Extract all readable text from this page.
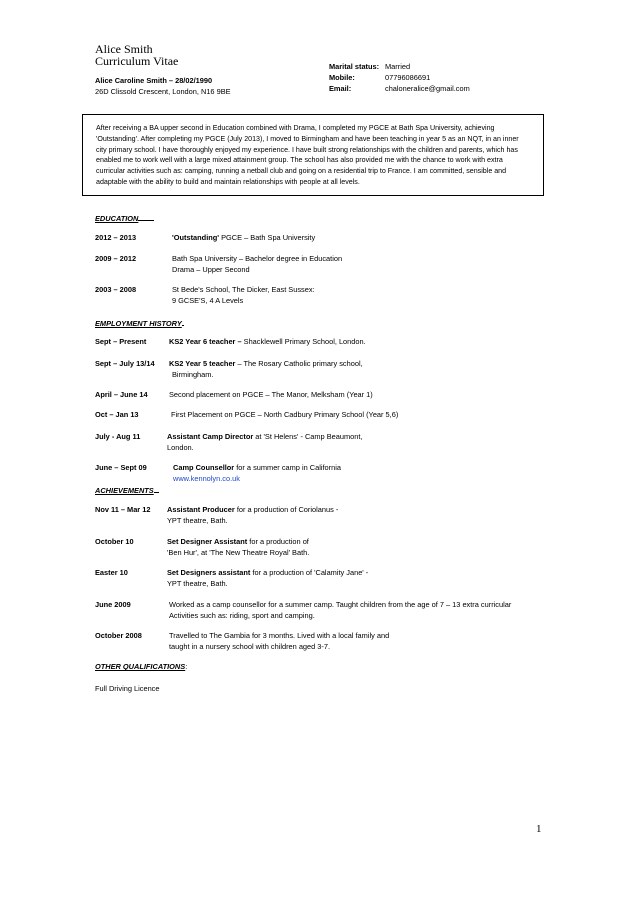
Alice Smith
Curriculum Vitae
Alice Caroline Smith – 28/02/1990
26D Clissold Crescent, London, N16 9BE
Marital status: Married
Mobile:	07796086691
Email:	chaloneralice@gmail.com
After receiving a BA upper second in Education combined with Drama, I completed my PGCE at Bath Spa University, achieving 'Outstanding'. After completing my PGCE (July 2013), I moved to Birmingham and have been teaching in year 5 as an NQT, in an inner city primary school. I have thoroughly enjoyed my experience. I have built strong relationships with the children and parents, which has enabled me to work well with a large mixed attainment group. The school has also provided me with the chance to work with extra curricular activities such as: camping, running a netball club and going on a residential trip to France. I am committed, sensible and adaptable with the ability to build and maintain relationships with people at all levels.
EDUCATION
2012 – 2013	'Outstanding' PGCE – Bath Spa University
2009 – 2012	Bath Spa University – Bachelor degree in Education
Drama – Upper Second
2003 – 2008	St Bede's School, The Dicker, East Sussex:
9 GCSE'S, 4 A Levels
EMPLOYMENT HISTORY
Sept – Present	KS2 Year 6 teacher – Shacklewell Primary School, London.
Sept – July 13/14 KS2 Year 5 teacher – The Rosary Catholic primary school,
Birmingham.
April – June 14	Second placement on PGCE – The Manor, Melksham (Year 1)
Oct – Jan 13	First Placement on PGCE – North Cadbury Primary School (Year 5,6)
July - Aug 11	Assistant Camp Director at 'St Helens' - Camp Beaumont,
London.
June – Sept 09	Camp Counsellor for a summer camp in California
www.kennolyn.co.uk
ACHIEVEMENTS
Nov 11 – Mar 12 Assistant Producer for a production of Coriolanus -
YPT theatre, Bath.
October 10	Set Designer Assistant for a production of
'Ben Hur', at 'The New Theatre Royal' Bath.
Easter 10	Set Designers assistant for a production of 'Calamity Jane' -
YPT theatre, Bath.
June 2009	Worked as a camp counsellor for a summer camp. Taught children from the age of 7 – 13 extra curricular
Activities such as: riding, sport and camping.
October 2008	Travelled to The Gambia for 3 months. Lived with a local family and
taught in a nursery school with children aged 3-7.
OTHER QUALIFICATIONS:
Full Driving Licence
1
